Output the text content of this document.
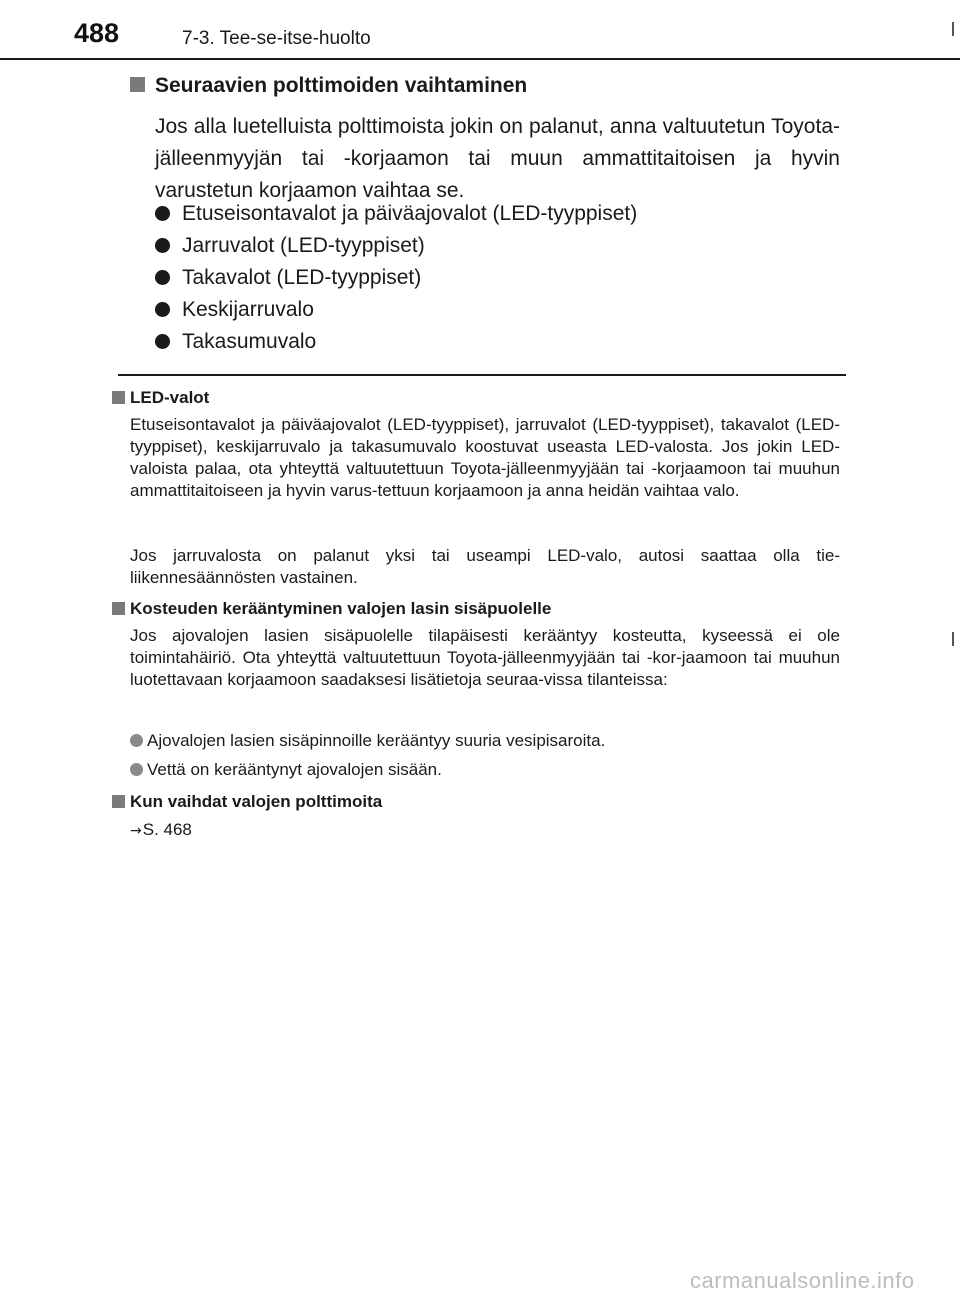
488	7-3. Tee-se-itse-huolto
Seuraavien polttimoiden vaihtaminen
Jos alla luetelluista polttimoista jokin on palanut, anna valtuutetun Toyota-jälleenmyyjän tai -korjaamon tai muun ammattitaitoisen ja hyvin varustetun korjaamon vaihtaa se.
Etuseisontavalot ja päiväajovalot (LED-tyyppiset)
Jarruvalot (LED-tyyppiset)
Takavalot (LED-tyyppiset)
Keskijarruvalo
Takasumuvalo
LED-valot
Etuseisontavalot ja päiväajovalot (LED-tyyppiset), jarruvalot (LED-tyyppiset), takavalot (LED-tyyppiset), keskijarruvalo ja takasumuvalo koostuvat useasta LED-valosta. Jos jokin LED-valoista palaa, ota yhteyttä valtuutettuun Toyota-jälleenmyyjään tai -korjaamoon tai muuhun ammattitaitoiseen ja hyvin varus-tettuun korjaamoon ja anna heidän vaihtaa valo.
Jos jarruvalosta on palanut yksi tai useampi LED-valo, autosi saattaa olla tie-liikennesäännösten vastainen.
Kosteuden kerääntyminen valojen lasin sisäpuolelle
Jos ajovalojen lasien sisäpuolelle tilapäisesti kerääntyy kosteutta, kyseessä ei ole toimintahäiriö. Ota yhteyttä valtuutettuun Toyota-jälleenmyyjään tai -kor-jaamoon tai muuhun luotettavaan korjaamoon saadaksesi lisätietoja seuraa-vissa tilanteissa:
Ajovalojen lasien sisäpinnoille kerääntyy suuria vesipisaroita.
Vettä on kerääntynyt ajovalojen sisään.
Kun vaihdat valojen polttimoita
→S. 468
carmanualsonline.info
